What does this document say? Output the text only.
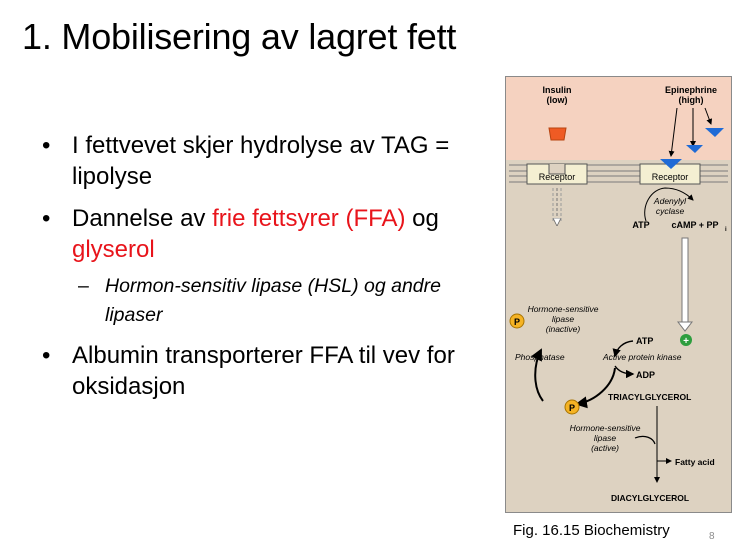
1. Mobilisering av lagret fett
• I fettvevet skjer hydrolyse av TAG = lipolyse
• Dannelse av frie fettsyrer (FFA) og
glyserol
– Hormon-sensitiv lipase (HSL) og andre lipaser
• Albumin transporterer FFA til vev for oksidasjon
Receptor	Receptor
Insulin
(low)
Epinephrine
(high)
Adenylyl
cyclase
ATP cAMP + PP i
P
Hormone-sensitive
lipase
(inactive)
+
ATP
Phosphatase	Active protein kinase
ADP
TRIACYLGLYCEROL
P
Hormone-sensitive
lipase
(active)
Fatty acid
DIACYLGLYCEROL
Fig. 16.15 Biochemistry	8
